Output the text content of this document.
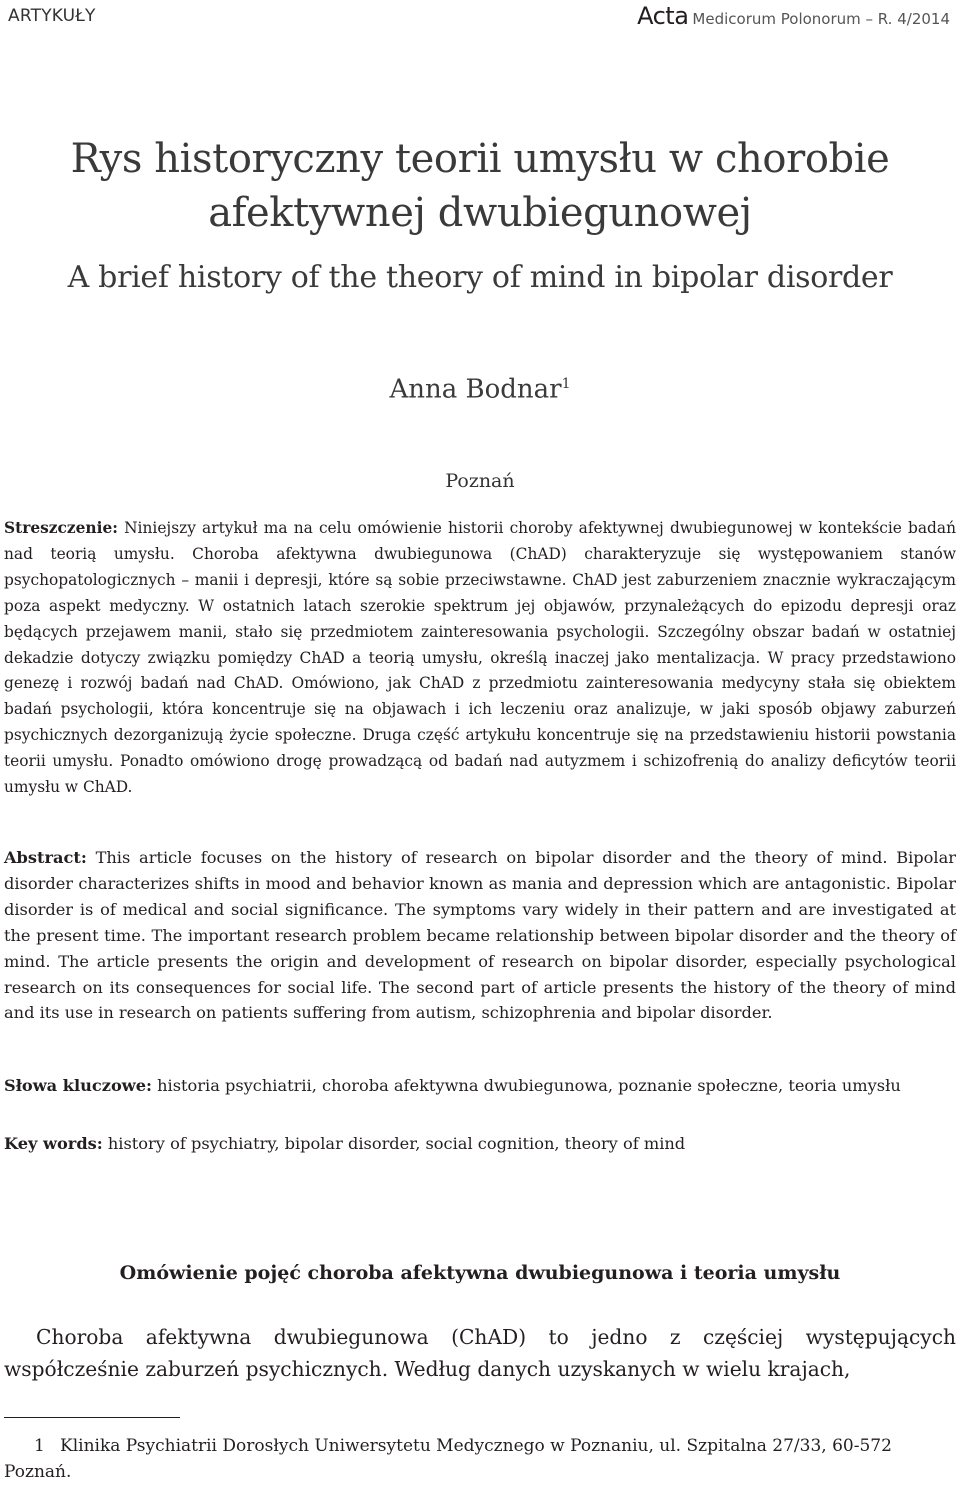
ARTYKUŁY	Acta Medicorum Polonorum – R. 4/2014
Rys historyczny teorii umysłu w chorobie afektywnej dwubiegunowej
A brief history of the theory of mind in bipolar disorder
Anna Bodnar$^1$
Poznań

Streszczenie: Niniejszy artykuł ma na celu omówienie historii choroby afektywnej dwubiegunowej w kontekście badań nad teorią umysłu. Choroba afektywna dwubiegunowa (ChAD) charakteryzuje się występowaniem stanów psychopatologicznych – manii i depresji, które są sobie przeciwstawne. ChAD jest zaburzeniem znacznie wykraczającym poza aspekt medyczny. W ostatnich latach szerokie spektrum jej objawów, przynależących do epizodu depresji oraz będących przejawem manii, stało się przedmiotem zainteresowania psychologii. Szczególny obszar badań w ostatniej dekadzie dotyczy związku pomiędzy ChAD a teorią umysłu, określą inaczej jako mentalizacja. W pracy przedstawiono genezę i rozwój badań nad ChAD. Omówiono, jak ChAD z przedmiotu zainteresowania medycyny stała się obiektem badań psychologii, która koncentruje się na objawach i ich leczeniu oraz analizuje, w jaki sposób objawy zaburzeń psychicznych dezorganizują życie społeczne. Druga część artykułu koncentruje się na przedstawieniu historii powstania teorii umysłu. Ponadto omówiono drogę prowadzącą od badań nad autyzmem i schizofrenią do analizy deficytów teorii umysłu w ChAD.

Abstract: This article focuses on the history of research on bipolar disorder and the theory of mind. Bipolar disorder characterizes shifts in mood and behavior known as mania and depression which are antagonistic. Bipolar disorder is of medical and social significance. The symptoms vary widely in their pattern and are investigated at the present time. The important research problem became relationship between bipolar disorder and the theory of mind. The article presents the origin and development of research on bipolar disorder, especially psychological research on its consequences for social life. The second part of article presents the history of the theory of mind and its use in research on patients suffering from autism, schizophrenia and bipolar disorder.

Słowa kluczowe: historia psychiatrii, choroba afektywna dwubiegunowa, poznanie społeczne, teoria umysłu

Key words: history of psychiatry, bipolar disorder, social cognition, theory of mind

Omówienie pojęć choroba afektywna dwubiegunowa i teoria umysłu

Choroba afektywna dwubiegunowa (ChAD) to jedno z częściej występujących współcześnie zaburzeń psychicznych. Według danych uzyskanych w wielu krajach,

1 Klinika Psychiatrii Dorosłych Uniwersytetu Medycznego w Poznaniu, ul. Szpitalna 27/33, 60-572 Poznań.
